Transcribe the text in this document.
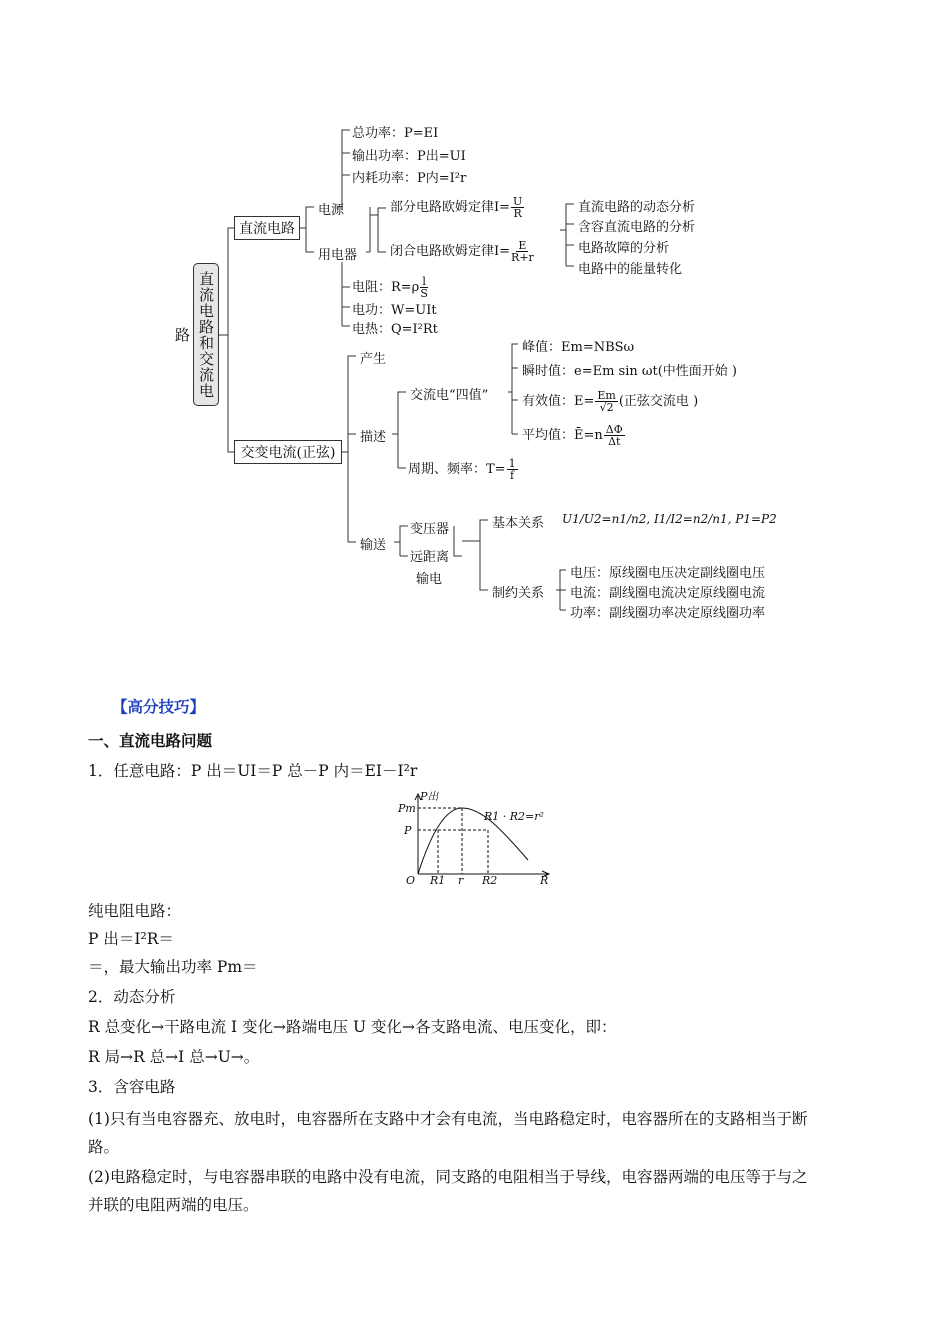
直流电路和交流电路
直流电路
电源
总功率：P=EI
输出功率：P出=UI
内耗功率：P内=I²r
用电器
部分电路欧姆定律$I= \frac{U}{R}$
闭合电路欧姆定律$I= \frac{E}{R+r}$
直流电路的动态分析
含容直流电路的分析
电路故障的分析
电路中的能量转化
电阻：$R=\rho \frac{l}{S}$
电功：W=UIt
电热：Q=I²Rt
交变电流(正弦)
产生
描述
交流电“四值”
峰值：Em=NBSω
瞬时值：e=Em sin ωt(中性面开始 )
有效值：$E= \frac{Em}{√2}$ (正弦交流电 )
平均值：Ē=n $\frac{\Delta\Phi}{\Delta t}$
周期、频率：$T= \frac{1}{f}$
输送
变压器
远距离
输电
基本关系 U1/U2=n1/n2, I1/I2=n2/n1, P1=P2
制约关系
电压：原线圈电压决定副线圈电压
电流：副线圈电流决定原线圈电流
功率：副线圈功率决定原线圈功率
【高分技巧】
一、直流电路问题
1．任意电路：P 出＝UI＝P 总－P 内＝EI－I²r
P出
Pm
P
O R1 r R2	R
R1 · R2=r²
纯电阻电路：
P 出＝I²R＝
＝，最大输出功率 Pm＝
2．动态分析
R 总变化→干路电流 I 变化→路端电压 U 变化→各支路电流、电压变化，即：
R 局→R 总→I 总→U→。
3．含容电路
(1)只有当电容器充、放电时，电容器所在支路中才会有电流，当电路稳定时，电容器所在的支路相当于断
路。
(2)电路稳定时，与电容器串联的电路中没有电流，同支路的电阻相当于导线，电容器两端的电压等于与之
并联的电阻两端的电压。
